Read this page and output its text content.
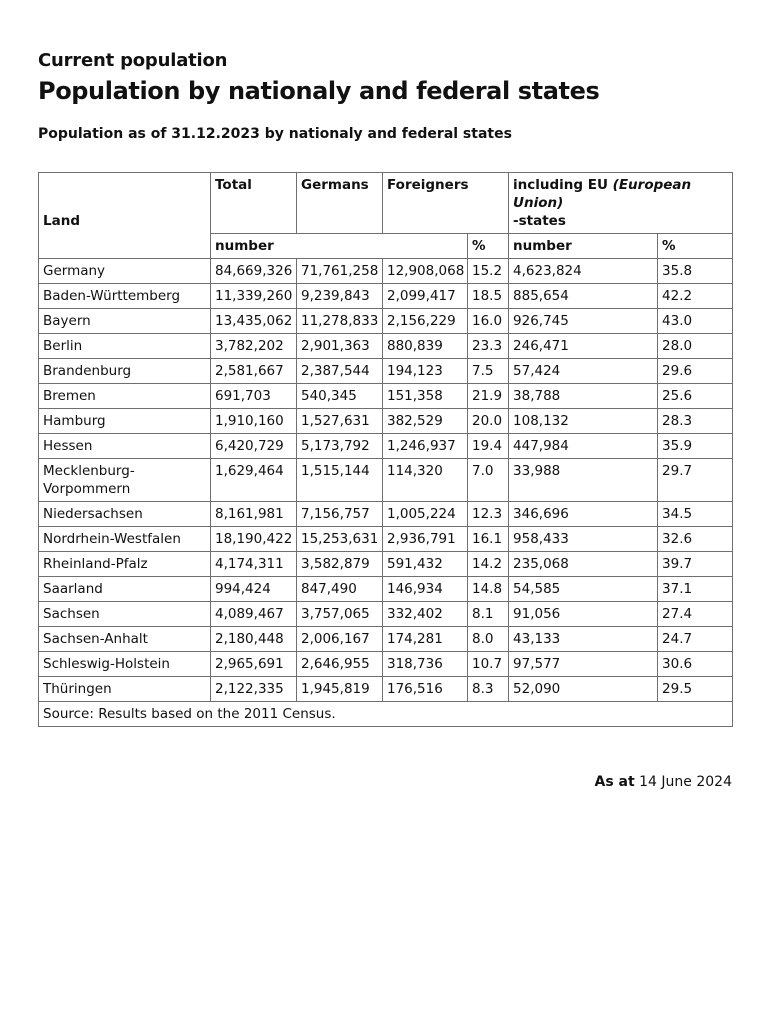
Current population
Population by nationaly and federal states
Population as of 31.12.2023 by nationaly and federal states
Land	Total	Germans	Foreigners		including EU (European Union)
-states	
	number			%	number	%
Germany	84,669,326	71,761,258	12,908,068	15.2	4,623,824	35.8
Baden-Württemberg	11,339,260	9,239,843	2,099,417	18.5	885,654	42.2
Bayern	13,435,062	11,278,833	2,156,229	16.0	926,745	43.0
Berlin	3,782,202	2,901,363	880,839	23.3	246,471	28.0
Brandenburg	2,581,667	2,387,544	194,123	7.5	57,424	29.6
Bremen	691,703	540,345	151,358	21.9	38,788	25.6
Hamburg	1,910,160	1,527,631	382,529	20.0	108,132	28.3
Hessen	6,420,729	5,173,792	1,246,937	19.4	447,984	35.9
Mecklenburg-Vorpommern	1,629,464	1,515,144	114,320	7.0	33,988	29.7
Niedersachsen	8,161,981	7,156,757	1,005,224	12.3	346,696	34.5
Nordrhein-Westfalen	18,190,422	15,253,631	2,936,791	16.1	958,433	32.6
Rheinland-Pfalz	4,174,311	3,582,879	591,432	14.2	235,068	39.7
Saarland	994,424	847,490	146,934	14.8	54,585	37.1
Sachsen	4,089,467	3,757,065	332,402	8.1	91,056	27.4
Sachsen-Anhalt	2,180,448	2,006,167	174,281	8.0	43,133	24.7
Schleswig-Holstein	2,965,691	2,646,955	318,736	10.7	97,577	30.6
Thüringen	2,122,335	1,945,819	176,516	8.3	52,090	29.5
Source: Results based on the 2011 Census.						
As at 14 June 2024
